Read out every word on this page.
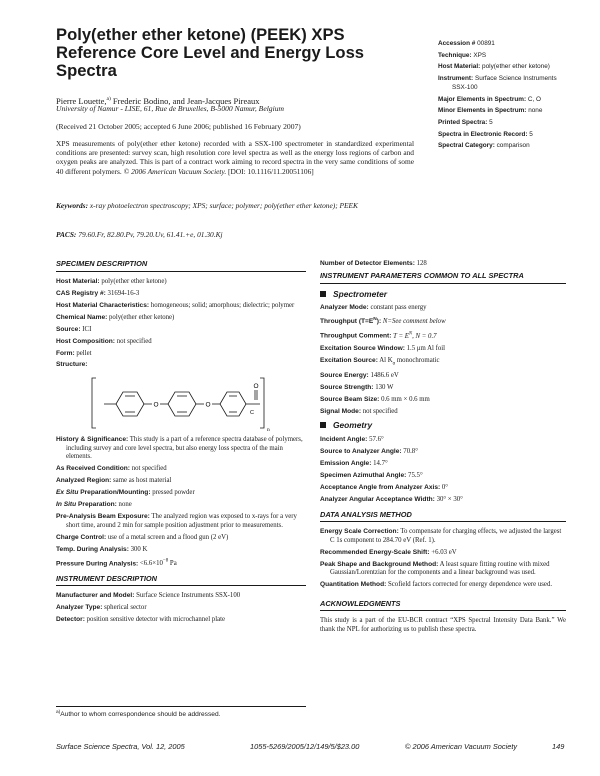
Poly(ether ether ketone) (PEEK) XPS Reference Core Level and Energy Loss Spectra
Accession # 00891
Technique: XPS
Host Material: poly(ether ether ketone)
Instrument: Surface Science Instruments SSX-100
Major Elements in Spectrum: C, O
Minor Elements in Spectrum: none
Printed Spectra: 5
Spectra in Electronic Record: 5
Spectral Category: comparison
Pierre Louette,$^{a)}$ Frederic Bodino, and Jean-Jacques Pireaux
University of Namur - LISE, 61, Rue de Bruxelles, B-5000 Namur, Belgium
(Received 21 October 2005; accepted 6 June 2006; published 16 February 2007)
XPS measurements of poly(ether ether ketone) recorded with a SSX-100 spectrometer in standardized experimental conditions are presented: survey scan, high resolution core level spectra as well as the energy loss regions of carbon and oxygen peaks are analyzed. This is part of a contract work aiming to record spectra in the very same conditions of some 40 different polymers. © 2006 American Vacuum Society. [DOI: 10.1116/11.20051106]
Keywords: x-ray photoelectron spectroscopy; XPS; surface; polymer; poly(ether ether ketone); PEEK
PACS: 79.60.Fr, 82.80.Pv, 79.20.Uv, 61.41.+e, 01.30.Kj
SPECIMEN DESCRIPTION
Host Material: poly(ether ether ketone)
CAS Registry #: 31694-16-3
Host Material Characteristics: homogeneous; solid; amorphous; dielectric; polymer
Chemical Name: poly(ether ether ketone)
Source: ICI
Host Composition: not specified
Form: pellet
Structure:
O	O
O
C
n
History & Significance: This study is a part of a reference spectra database of polymers, including survey and core level spectra, but also energy loss spectra of the main elements.
As Received Condition: not specified
Analyzed Region: same as host material
Ex Situ Preparation/Mounting: pressed powder
In Situ Preparation: none
Pre-Analysis Beam Exposure: The analyzed region was exposed to x-rays for a very short time, around 2 min for sample position adjustment prior to measurements.
Charge Control: use of a metal screen and a flood gun (2 eV)
Temp. During Analysis: 300 K
Pressure During Analysis: $<6.6\times 10^{-8}$ Pa
INSTRUMENT DESCRIPTION
Manufacturer and Model: Surface Science Instruments SSX-100
Analyzer Type: spherical sector
Detector: position sensitive detector with microchannel plate
Number of Detector Elements: 128
INSTRUMENT PARAMETERS COMMON TO ALL SPECTRA
Spectrometer
Analyzer Mode: constant pass energy
Throughput $(T=E^N)$: N=See comment below
Throughput Comment: $T = E^N$, N = 0.7
Excitation Source Window: 1.5 μm Al foil
Excitation Source: Al $K_\alpha$ monochromatic
Source Energy: 1486.6 eV
Source Strength: 130 W
Source Beam Size: 0.6 mm × 0.6 mm
Signal Mode: not specified
Geometry
Incident Angle: 57.6°
Source to Analyzer Angle: 70.8°
Emission Angle: 14.7°
Specimen Azimuthal Angle: 75.5°
Acceptance Angle from Analyzer Axis: 0°
Analyzer Angular Acceptance Width: 30° × 30°
DATA ANALYSIS METHOD
Energy Scale Correction: To compensate for charging effects, we adjusted the largest C 1s component to 284.70 eV (Ref. 1).
Recommended Energy-Scale Shift: +6.03 eV
Peak Shape and Background Method: A least square fitting routine with mixed Gaussian/Lorentzian for the components and a linear background was used.
Quantitation Method: Scofield factors corrected for energy dependence were used.
ACKNOWLEDGMENTS
This study is a part of the EU-BCR contract “XPS Spectral Intensity Data Bank.” We thank the NPL for authorizing us to publish these spectra.
$^{a)}$Author to whom correspondence should be addressed.
Surface Science Spectra, Vol. 12, 2005	1055-5269/2005/12/149/5/$23.00	© 2006 American Vacuum Society	149
